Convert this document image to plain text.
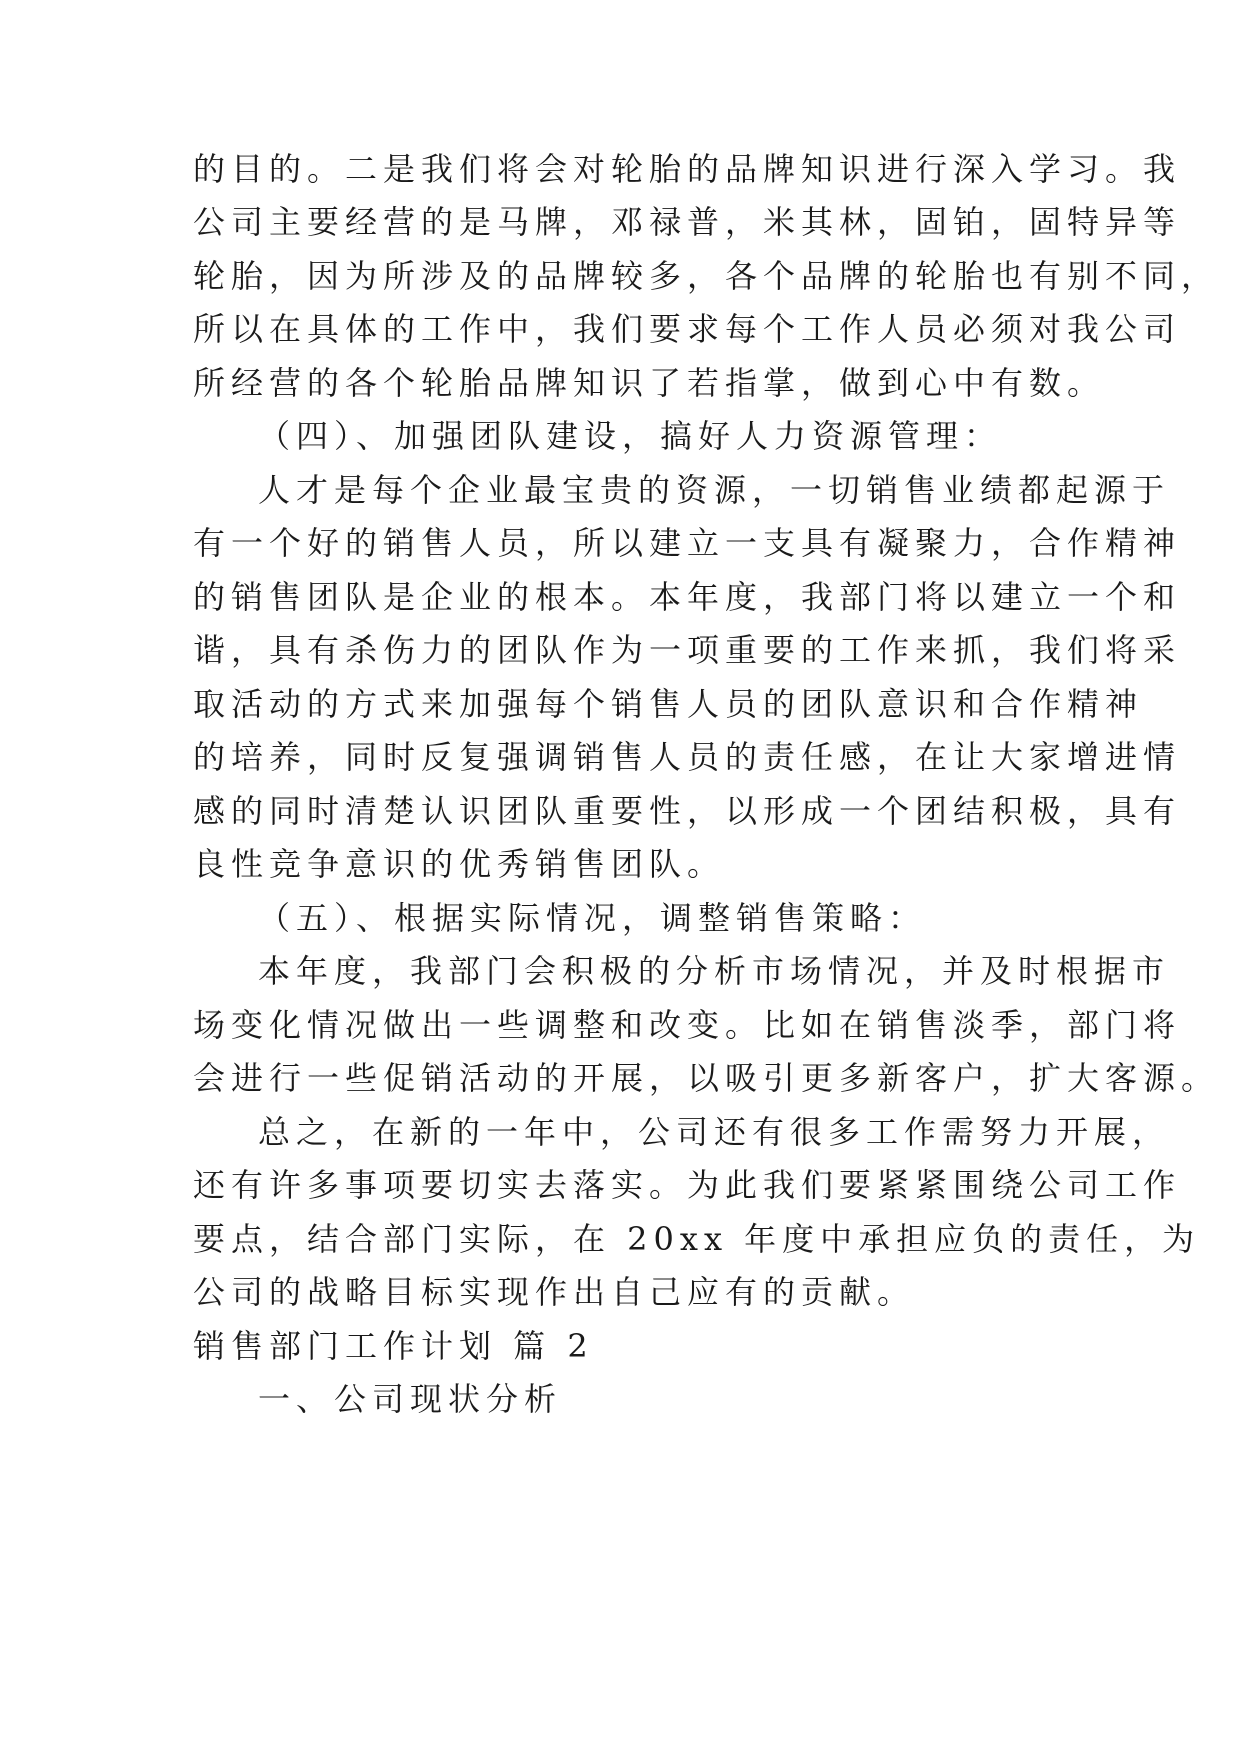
的目的。二是我们将会对轮胎的品牌知识进行深入学习。我
公司主要经营的是马牌，邓禄普，米其林，固铂，固特异等
轮胎，因为所涉及的品牌较多，各个品牌的轮胎也有别不同，
所以在具体的工作中，我们要求每个工作人员必须对我公司
所经营的各个轮胎品牌知识了若指掌，做到心中有数。
（四）、加强团队建设，搞好人力资源管理：
人才是每个企业最宝贵的资源，一切销售业绩都起源于
有一个好的销售人员，所以建立一支具有凝聚力，合作精神
的销售团队是企业的根本。本年度，我部门将以建立一个和
谐，具有杀伤力的团队作为一项重要的工作来抓，我们将采
取活动的方式来加强每个销售人员的团队意识和合作精神
的培养，同时反复强调销售人员的责任感，在让大家增进情
感的同时清楚认识团队重要性，以形成一个团结积极，具有
良性竞争意识的优秀销售团队。
（五）、根据实际情况，调整销售策略：
本年度，我部门会积极的分析市场情况，并及时根据市
场变化情况做出一些调整和改变。比如在销售淡季，部门将
会进行一些促销活动的开展，以吸引更多新客户，扩大客源。
总之，在新的一年中，公司还有很多工作需努力开展，
还有许多事项要切实去落实。为此我们要紧紧围绕公司工作
要点，结合部门实际，在 20xx 年度中承担应负的责任，为
公司的战略目标实现作出自己应有的贡献。
销售部门工作计划 篇 2
一、公司现状分析
